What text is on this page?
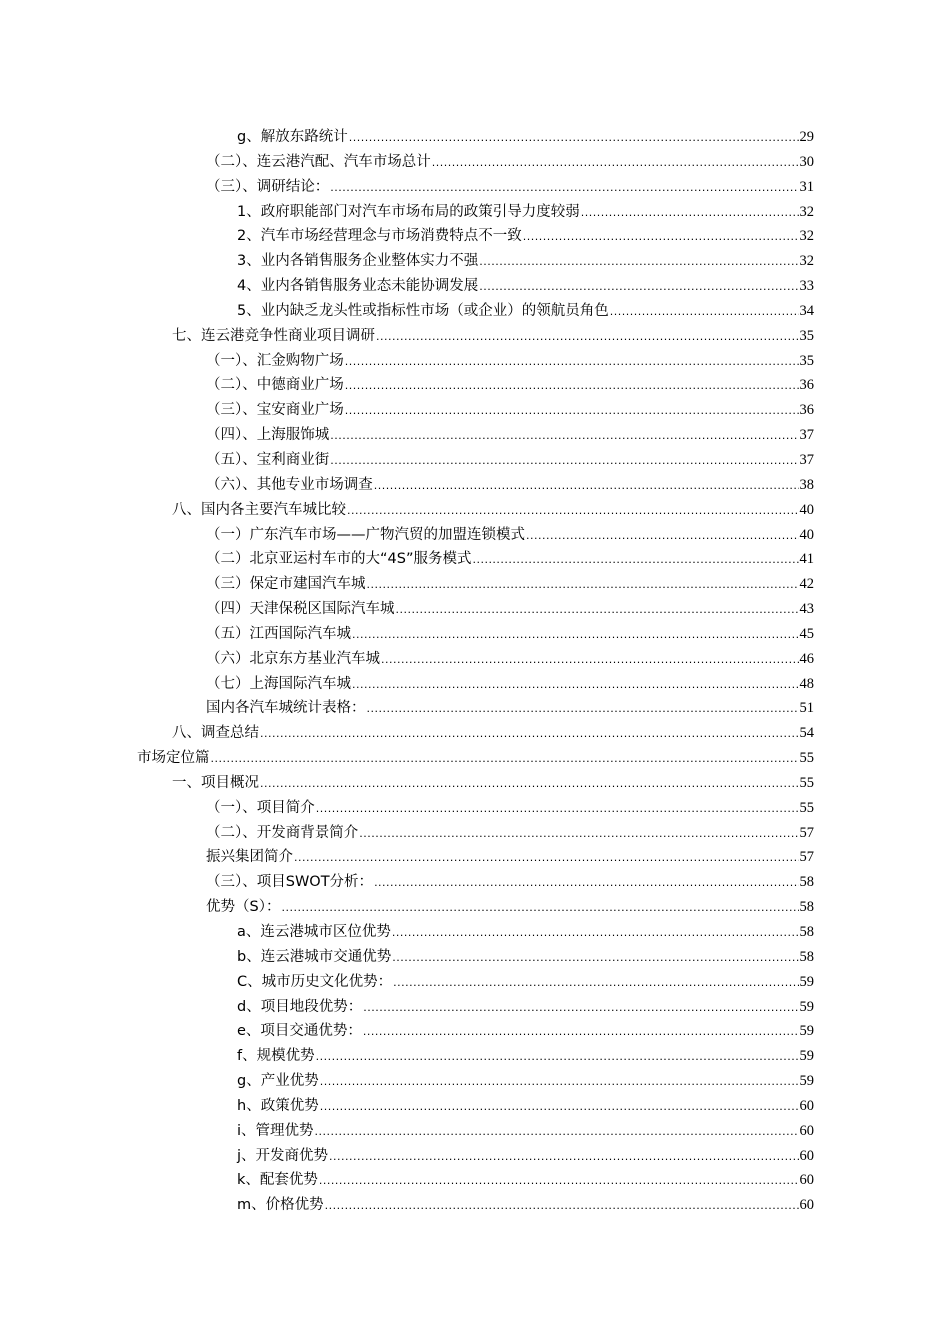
g、解放东路统计 .....	29
（二）、连云港汽配、汽车市场总计 .....	30
（三）、调研结论： .....	31
1、政府职能部门对汽车市场布局的政策引导力度较弱 .....	32
2、汽车市场经营理念与市场消费特点不一致 .....	32
3、业内各销售服务企业整体实力不强 .....	32
4、业内各销售服务业态未能协调发展 .....	33
5、业内缺乏龙头性或指标性市场（或企业）的领航员角色 .....	34
七、连云港竞争性商业项目调研 .....	35
（一）、汇金购物广场 .....	35
（二）、中德商业广场 .....	36
（三）、宝安商业广场 .....	36
（四）、上海服饰城 .....	37
（五）、宝利商业街 .....	37
（六）、其他专业市场调查 .....	38
八、国内各主要汽车城比较 .....	40
（一）广东汽车市场——广物汽贸的加盟连锁模式 .....	40
（二）北京亚运村车市的大“4S”服务模式 .....	41
（三）保定市建国汽车城 .....	42
（四）天津保税区国际汽车城 .....	43
（五）江西国际汽车城 .....	45
（六）北京东方基业汽车城 .....	46
（七）上海国际汽车城 .....	48
国内各汽车城统计表格： .....	51
八、调查总结 .....	54
市场定位篇 .....	55
一、项目概况 .....	55
（一）、项目简介 .....	55
（二）、开发商背景简介 .....	57
振兴集团简介 .....	57
（三）、项目SWOT分析： .....	58
优势（S）： .....	58
a、连云港城市区位优势 .....	58
b、连云港城市交通优势 .....	58
C、城市历史文化优势： .....	59
d、项目地段优势： .....	59
e、项目交通优势： .....	59
f、规模优势 .....	59
g、产业优势 .....	59
h、政策优势 .....	60
i、管理优势 .....	60
j、开发商优势 .....	60
k、配套优势 .....	60
m、价格优势 .....	60
